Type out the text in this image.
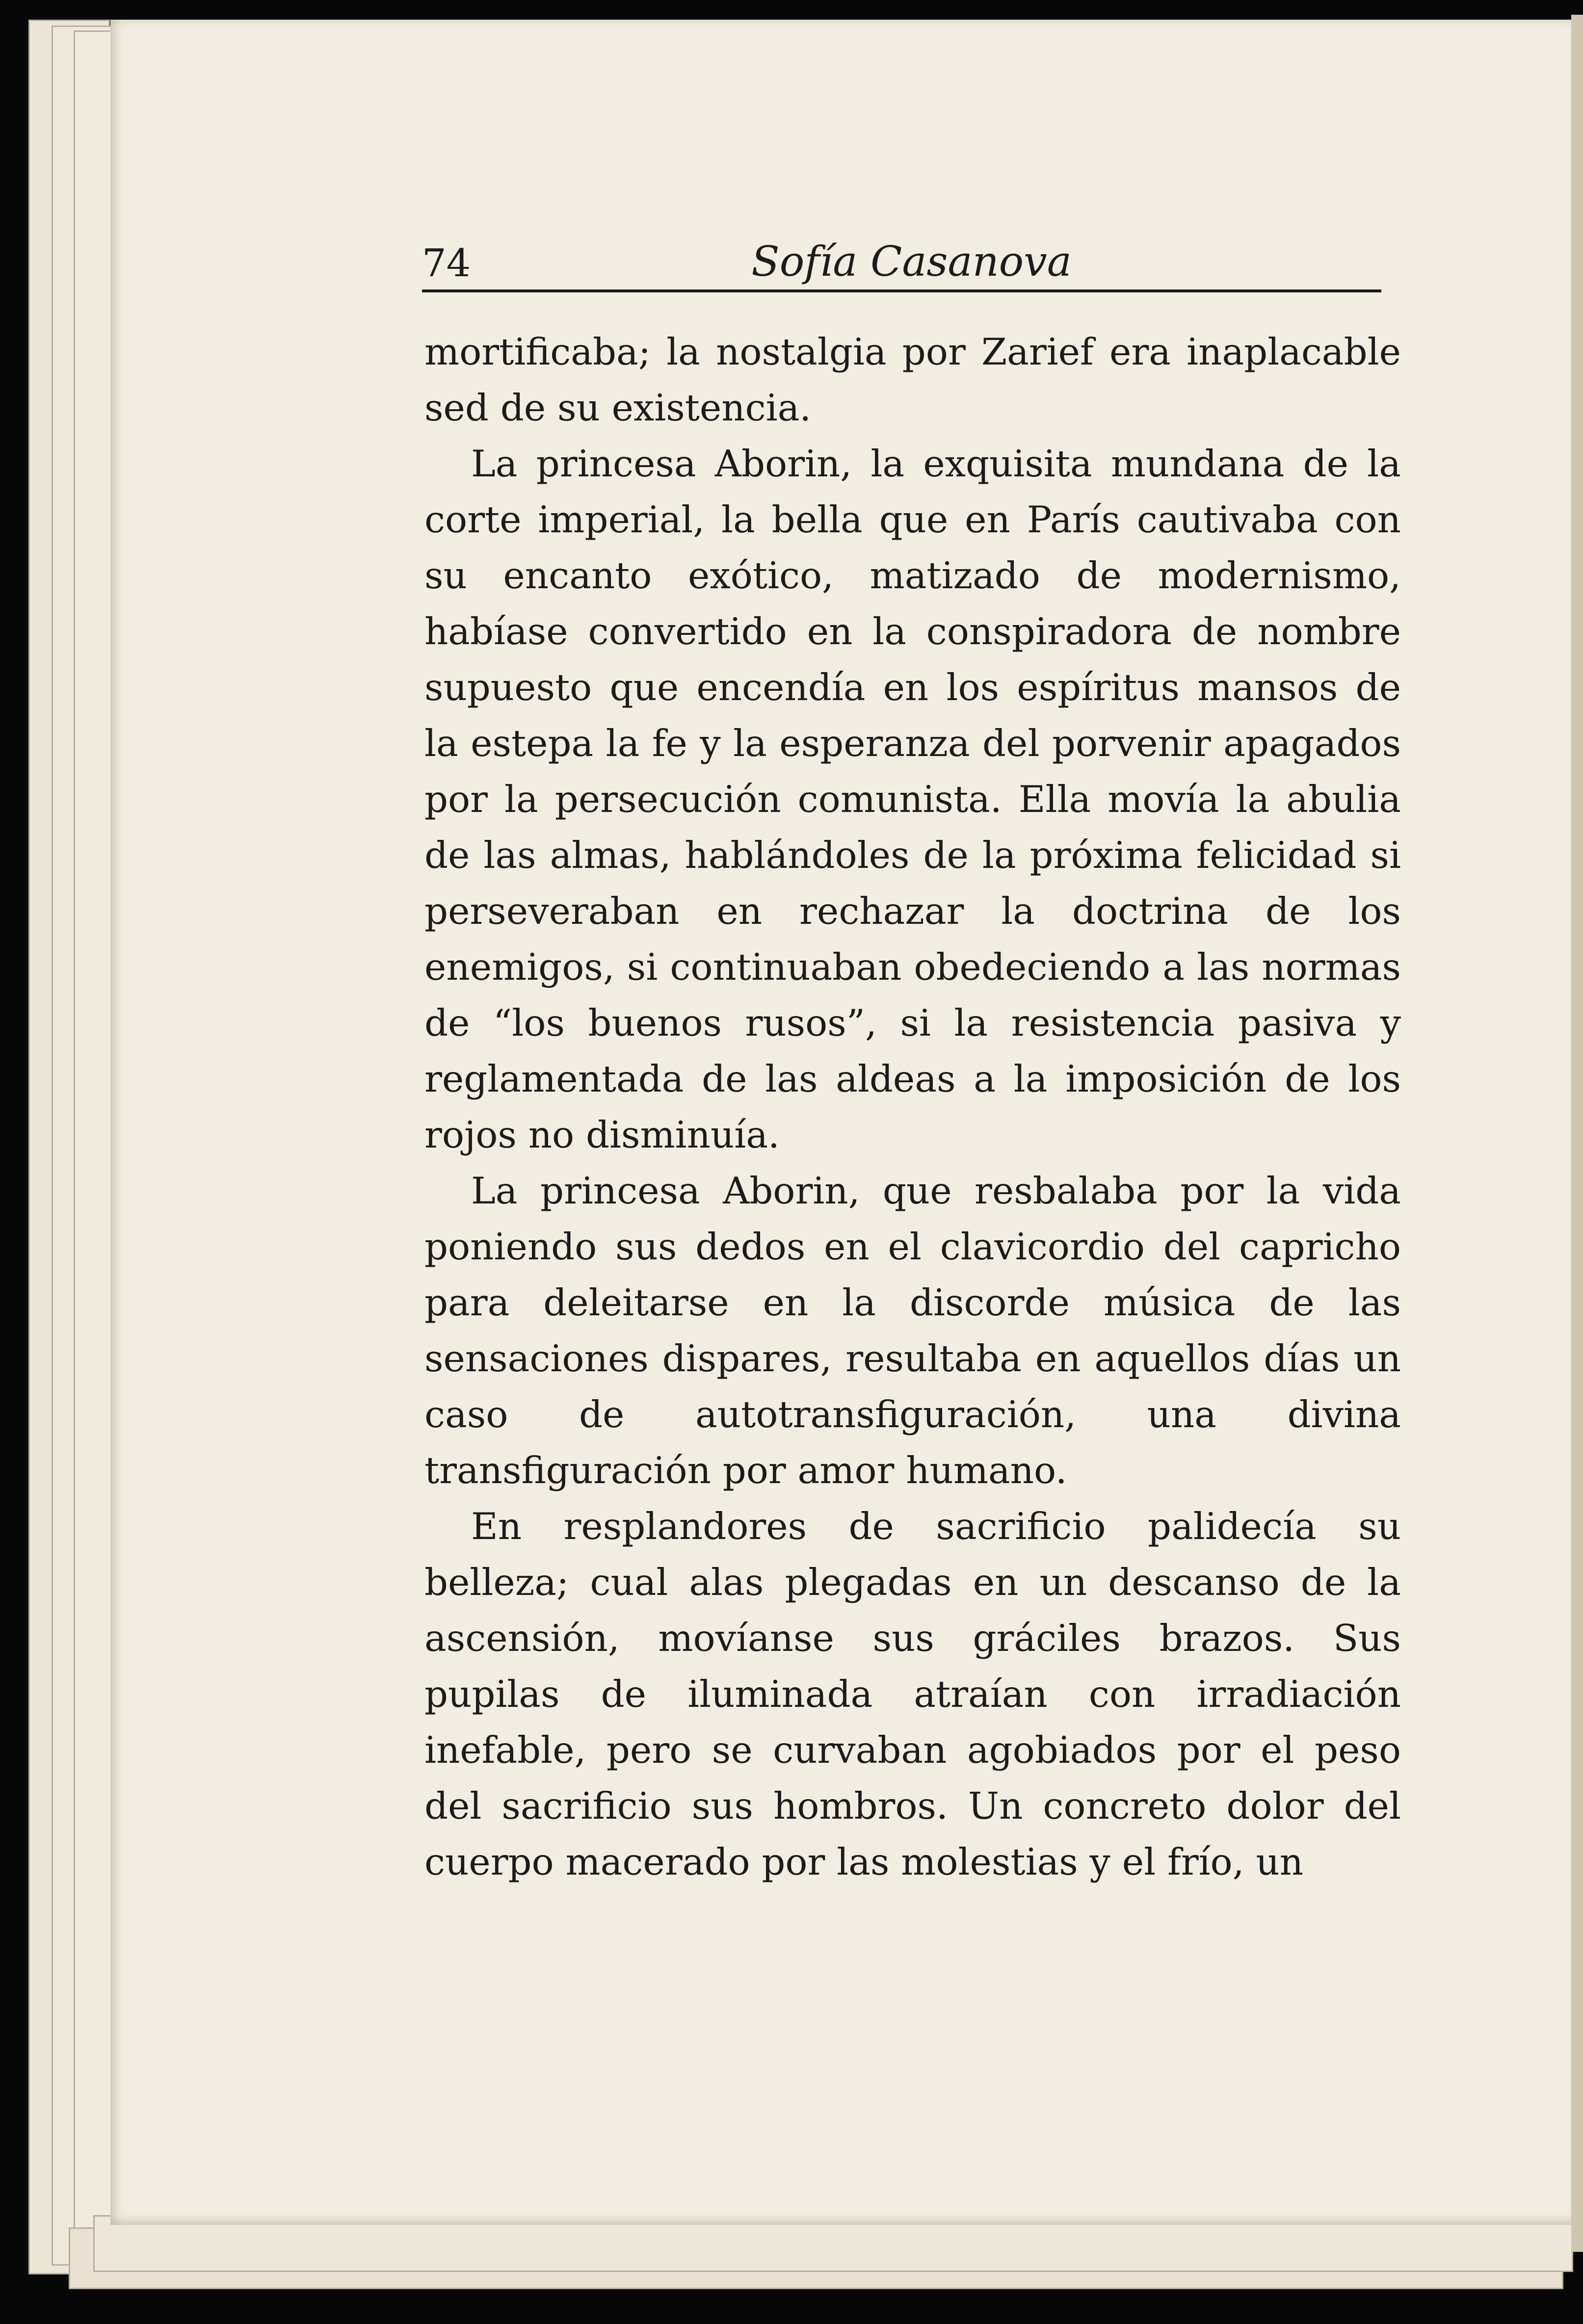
74	Sofía Casanova

mortificaba; la nostalgia por Zarief era inaplacable sed de su existencia.

La princesa Aborin, la exquisita mundana de la corte imperial, la bella que en París cautivaba con su encanto exótico, matizado de modernismo, habíase convertido en la conspiradora de nombre supuesto que encendía en los espíritus mansos de la estepa la fe y la esperanza del porvenir apagados por la persecución comunista. Ella movía la abulia de las almas, hablándoles de la próxima felicidad si perseveraban en rechazar la doctrina de los enemigos, si continuaban obedeciendo a las normas de “los buenos rusos”, si la resistencia pasiva y reglamentada de las aldeas a la imposición de los rojos no disminuía.

La princesa Aborin, que resbalaba por la vida poniendo sus dedos en el clavicordio del capricho para deleitarse en la discorde música de las sensaciones dispares, resultaba en aquellos días un caso de autotransfiguración, una divina transfiguración por amor humano.

En resplandores de sacrificio palidecía su belleza; cual alas plegadas en un descanso de la ascensión, movíanse sus gráciles brazos. Sus pupilas de iluminada atraían con irradiación inefable, pero se curvaban agobiados por el peso del sacrificio sus hombros. Un concreto dolor del cuerpo macerado por las molestias y el frío, un
